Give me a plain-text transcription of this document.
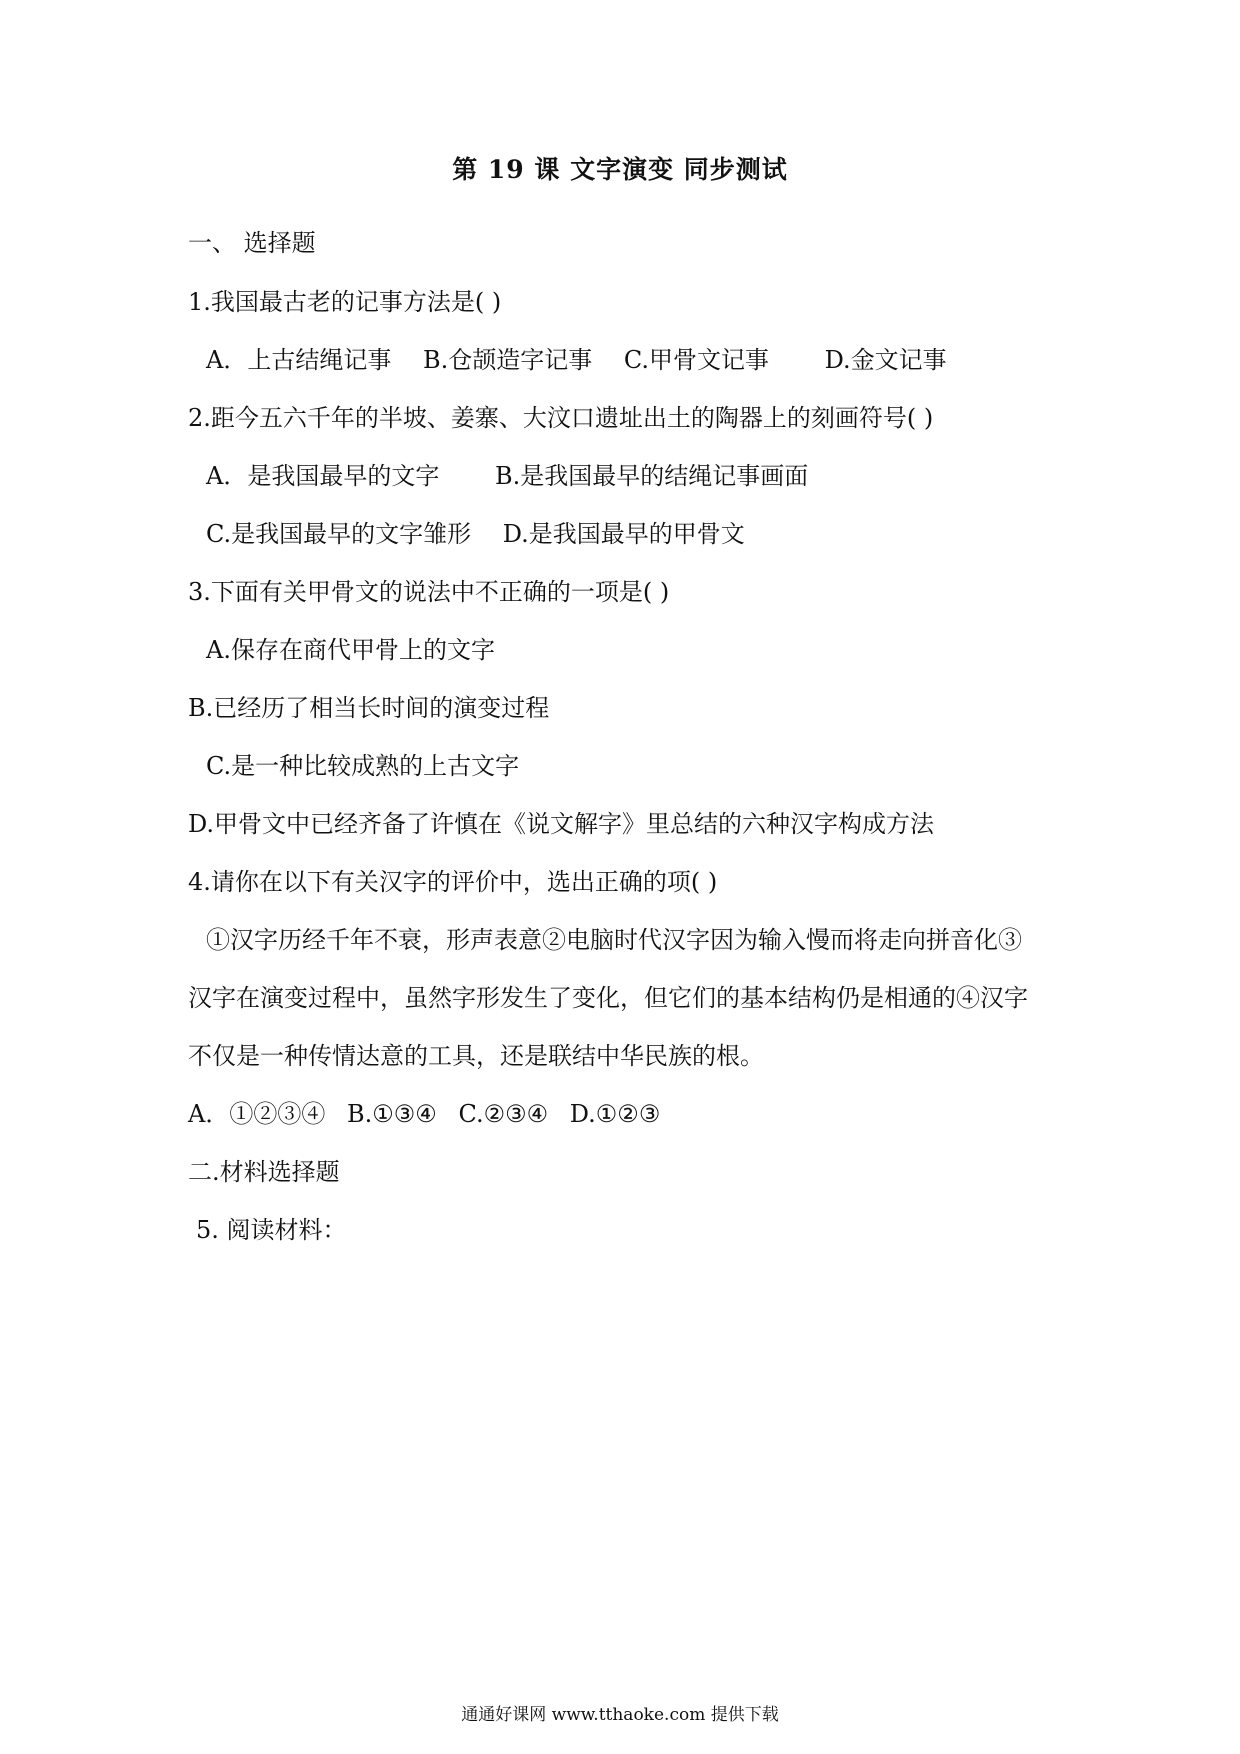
第 19 课 文字演变 同步测试
一、 选择题
1.我国最古老的记事方法是( )
A．上古结绳记事 B.仓颉造字记事 C.甲骨文记事 D.金文记事
2.距今五六千年的半坡、姜寨、大汶口遗址出土的陶器上的刻画符号( )
A．是我国最早的文字 B.是我国最早的结绳记事画面
C.是我国最早的文字雏形 D.是我国最早的甲骨文
3.下面有关甲骨文的说法中不正确的一项是( )
A.保存在商代甲骨上的文字
B.已经历了相当长时间的演变过程
C.是一种比较成熟的上古文字
D.甲骨文中已经齐备了许慎在《说文解字》里总结的六种汉字构成方法
4.请你在以下有关汉字的评价中，选出正确的项( )
①汉字历经千年不衰，形声表意②电脑时代汉字因为输入慢而将走向拼音化③
汉字在演变过程中，虽然字形发生了变化，但它们的基本结构仍是相通的④汉字
不仅是一种传情达意的工具，还是联结中华民族的根。
A．①②③④ B.①③④ C.②③④ D.①②③
二.材料选择题
5. 阅读材料：
通通好课网 www.tthaoke.com 提供下载
